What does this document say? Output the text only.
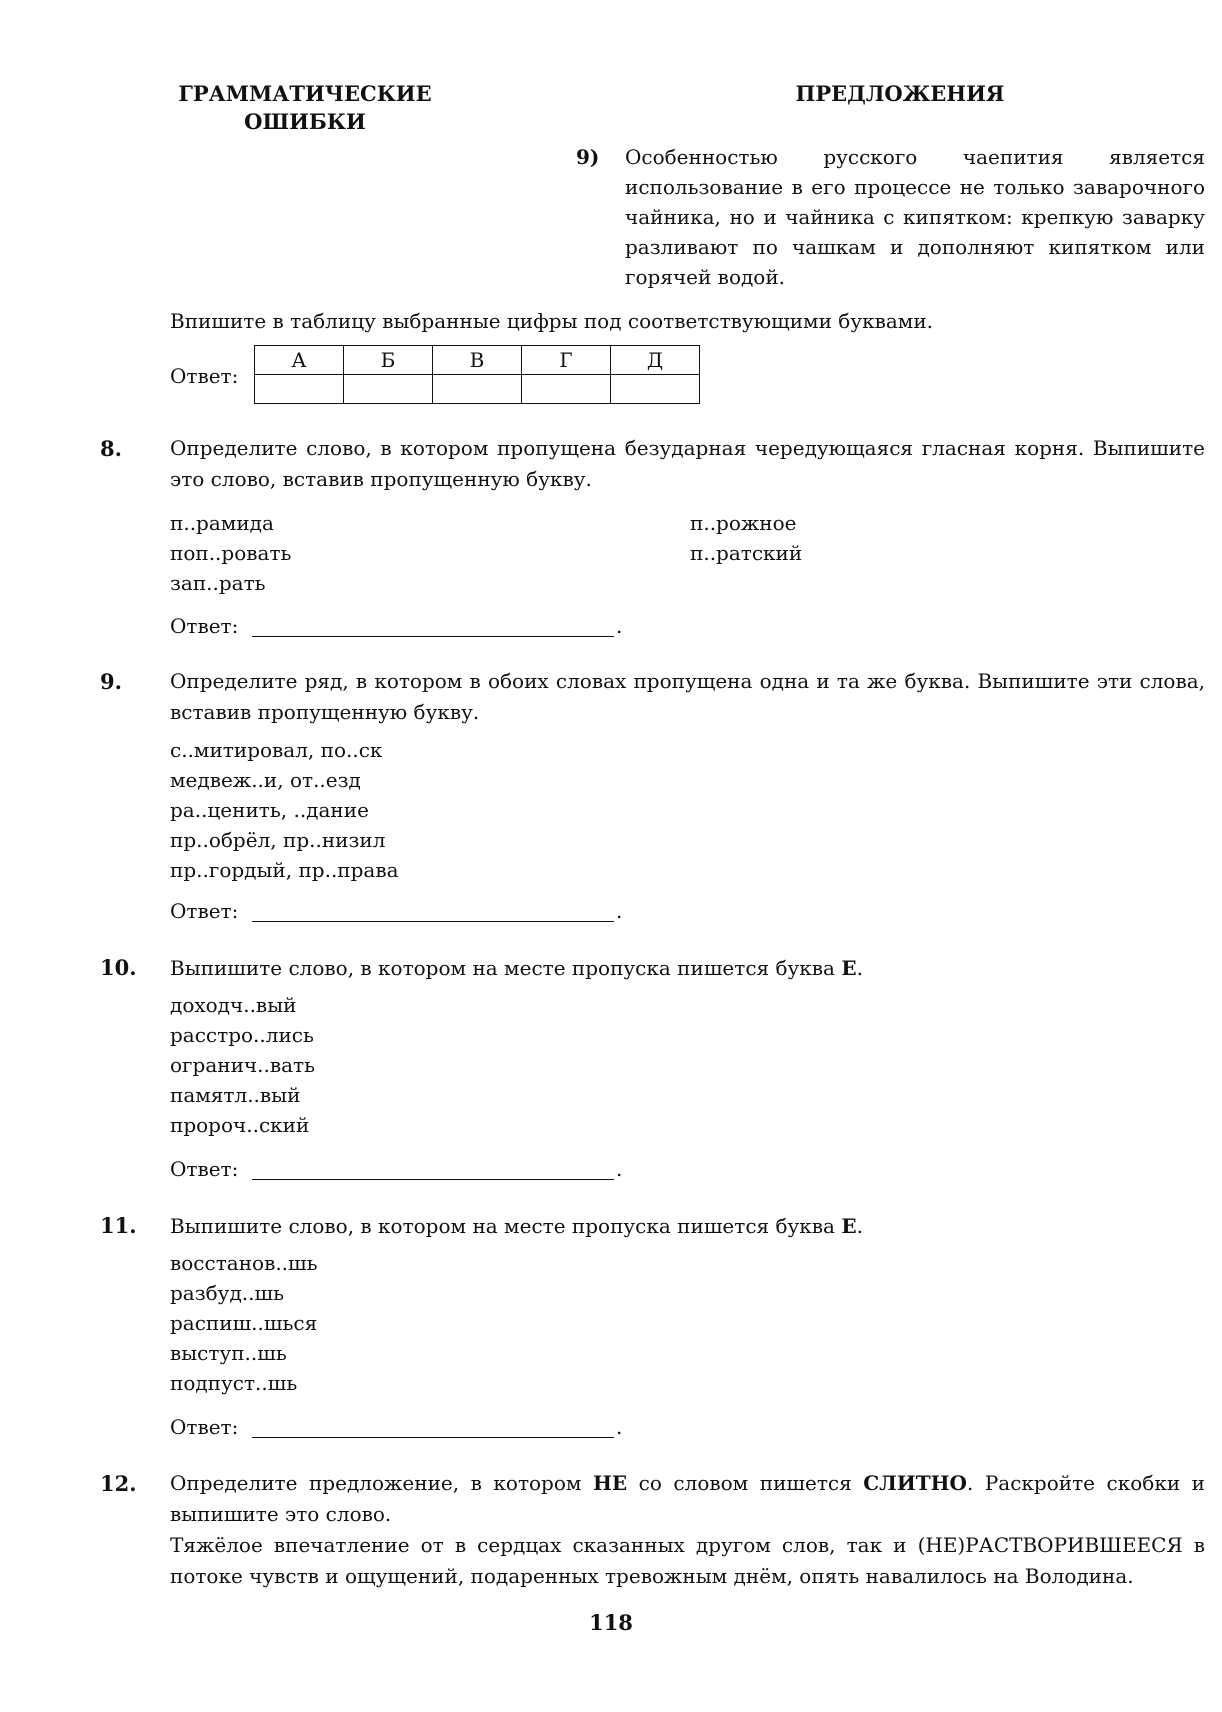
ГРАММАТИЧЕСКИЕ
ОШИБКИ
ПРЕДЛОЖЕНИЯ
9) Особенностью русского чаепития является использование в его процессе не только заварочного чайника, но и чайника с кипятком: крепкую заварку разливают по чашкам и дополняют кипятком или горячей водой.
Впишите в таблицу выбранные цифры под соответствующими буквами.
Ответ:
А	Б	В	Г	Д

8. Определите слово, в котором пропущена безударная чередующаяся гласная корня. Выпишите это слово, вставив пропущенную букву.
п..рамида
поп..ровать
зап..рать
п..рожное
п..ратский
Ответ:	.
9. Определите ряд, в котором в обоих словах пропущена одна и та же буква. Выпишите эти слова, вставив пропущенную букву.
с..митировал, по..ск
медвеж..и, от..езд
ра..ценить, ..дание
пр..обрёл, пр..низил
пр..гордый, пр..права
Ответ:	.
10. Выпишите слово, в котором на месте пропуска пишется буква Е.
доходч..вый
расстро..лись
огранич..вать
памятл..вый
пророч..ский
Ответ:	.
11. Выпишите слово, в котором на месте пропуска пишется буква Е.
восстанов..шь
разбуд..шь
распиш..шься
выступ..шь
подпуст..шь
Ответ:	.
12. Определите предложение, в котором НЕ со словом пишется СЛИТНО. Раскройте скобки и выпишите это слово.
Тяжёлое впечатление от в сердцах сказанных другом слов, так и (НЕ)РАСТВОРИВШЕЕСЯ в потоке чувств и ощущений, подаренных тревожным днём, опять навалилось на Володина.
118
